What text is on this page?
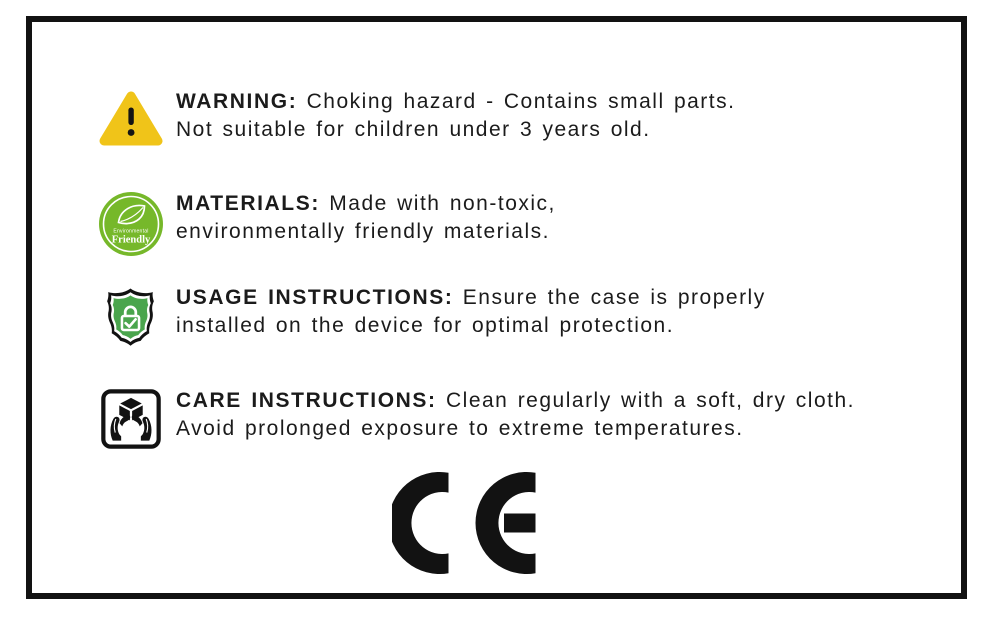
WARNING: Choking hazard - Contains small parts.

Not suitable for children under 3 years old.

Environmental
Friendly

MATERIALS: Made with non-toxic,

environmentally friendly materials.

USAGE INSTRUCTIONS: Ensure the case is properly

installed on the device for optimal protection.

CARE INSTRUCTIONS: Clean regularly with a soft, dry cloth.

Avoid prolonged exposure to extreme temperatures.
